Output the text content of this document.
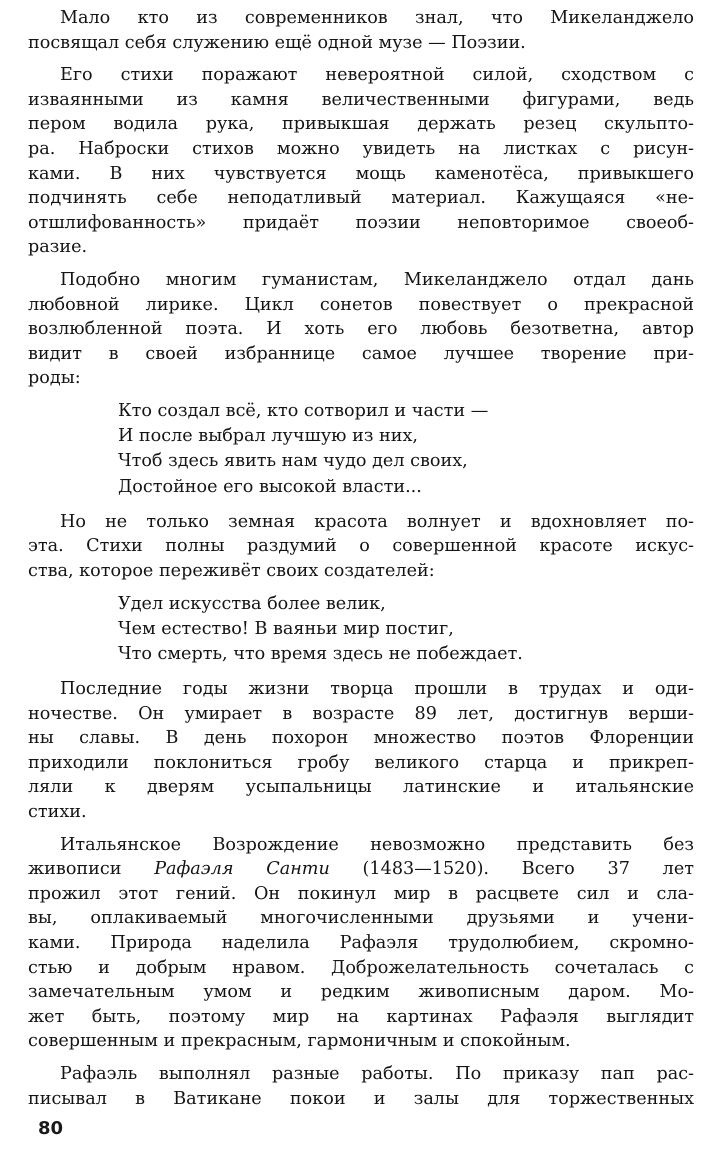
Мало кто из современников знал, что Микеланджело
посвящал себя служению ещё одной музе — Поэзии.

Его стихи поражают невероятной силой, сходством с
изваянными из камня величественными фигурами, ведь
пером водила рука, привыкшая держать резец скульпто-
ра. Наброски стихов можно увидеть на листках с рисун-
ками. В них чувствуется мощь каменотёса, привыкшего
подчинять себе неподатливый материал. Кажущаяся «не-
отшлифованность» придаёт поэзии неповторимое своеоб-
разие.

Подобно многим гуманистам, Микеланджело отдал дань
любовной лирике. Цикл сонетов повествует о прекрасной
возлюбленной поэта. И хоть его любовь безответна, автор
видит в своей избраннице самое лучшее творение при-
роды:

Кто создал всё, кто сотворил и части —
И после выбрал лучшую из них,
Чтоб здесь явить нам чудо дел своих,
Достойное его высокой власти...

Но не только земная красота волнует и вдохновляет по-
эта. Стихи полны раздумий о совершенной красоте искус-
ства, которое переживёт своих создателей:

Удел искусства более велик,
Чем естество! В ваяньи мир постиг,
Что смерть, что время здесь не побеждает.

Последние годы жизни творца прошли в трудах и оди-
ночестве. Он умирает в возрасте 89 лет, достигнув верши-
ны славы. В день похорон множество поэтов Флоренции
приходили поклониться гробу великого старца и прикреп-
ляли к дверям усыпальницы латинские и итальянские
стихи.

Итальянское Возрождение невозможно представить без
живописи Рафаэля Санти (1483—1520). Всего 37 лет
прожил этот гений. Он покинул мир в расцвете сил и сла-
вы, оплакиваемый многочисленными друзьями и учени-
ками. Природа наделила Рафаэля трудолюбием, скромно-
стью и добрым нравом. Доброжелательность сочеталась с
замечательным умом и редким живописным даром. Мо-
жет быть, поэтому мир на картинах Рафаэля выглядит
совершенным и прекрасным, гармоничным и спокойным.

Рафаэль выполнял разные работы. По приказу пап рас-
писывал в Ватикане покои и залы для торжественных

80
